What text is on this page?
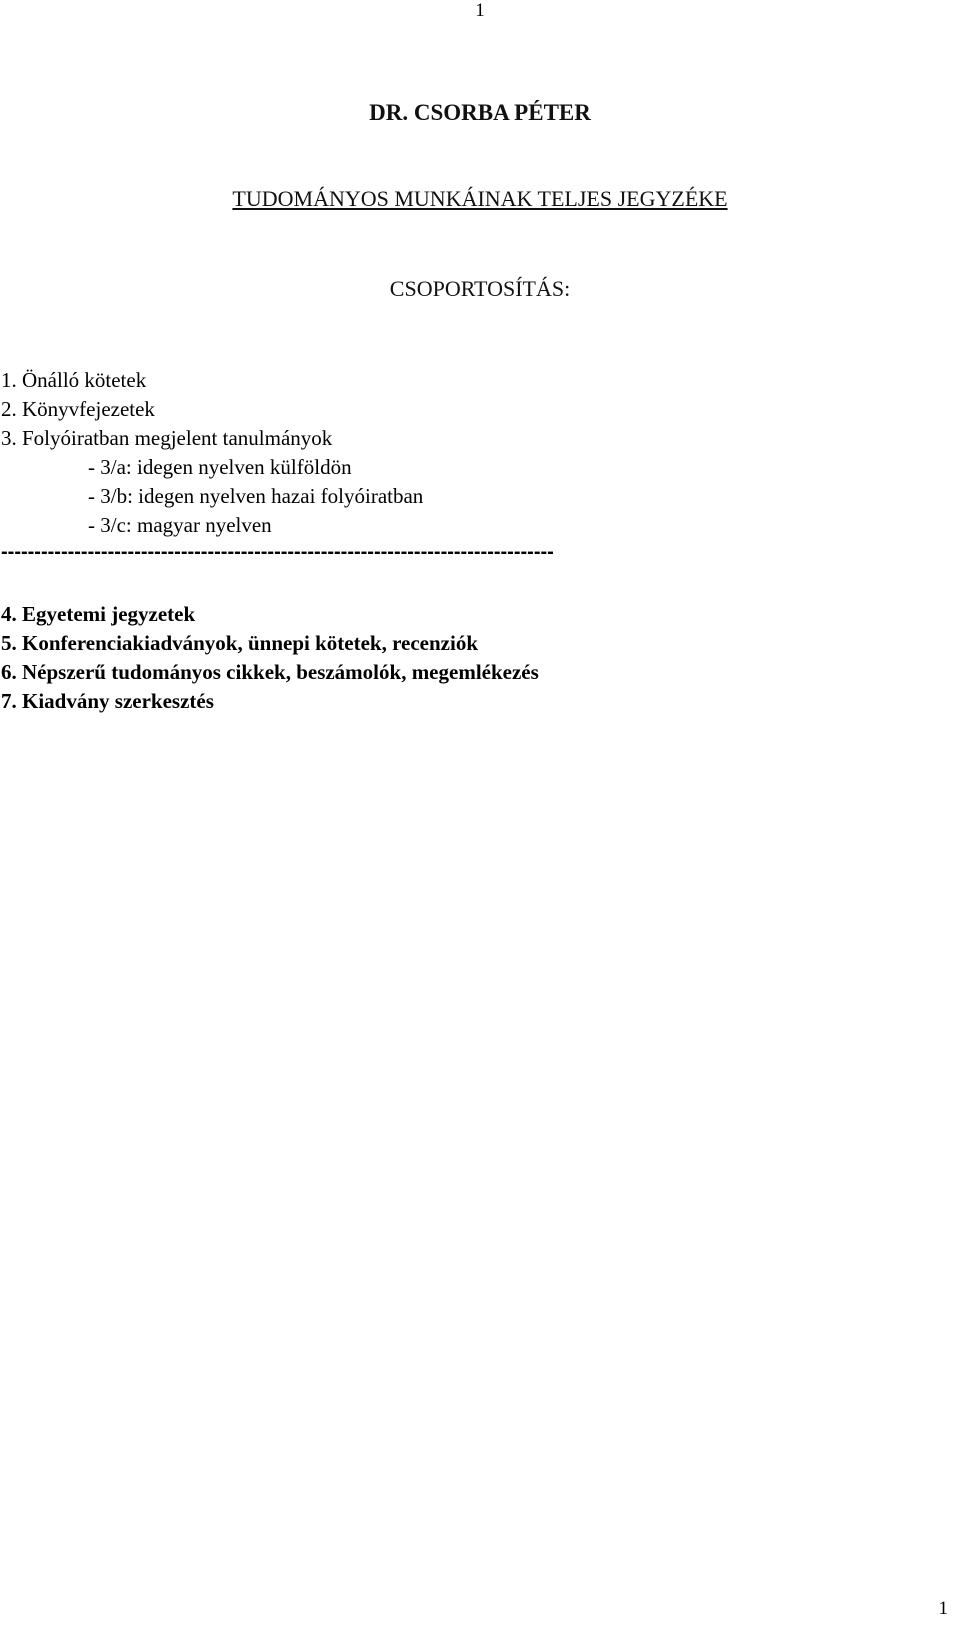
1
DR. CSORBA PÉTER
TUDOMÁNYOS MUNKÁINAK TELJES JEGYZÉKE
CSOPORTOSÍTÁS:
1. Önálló kötetek
2. Könyvfejezetek
3. Folyóiratban megjelent tanulmányok
- 3/a: idegen nyelven külföldön
- 3/b: idegen nyelven hazai folyóiratban
- 3/c: magyar nyelven
-----------------------------------------------------------------------------------
4. Egyetemi jegyzetek
5. Konferenciakiadványok, ünnepi kötetek, recenziók
6. Népszerű tudományos cikkek, beszámolók, megemlékezés
7. Kiadvány szerkesztés
1
